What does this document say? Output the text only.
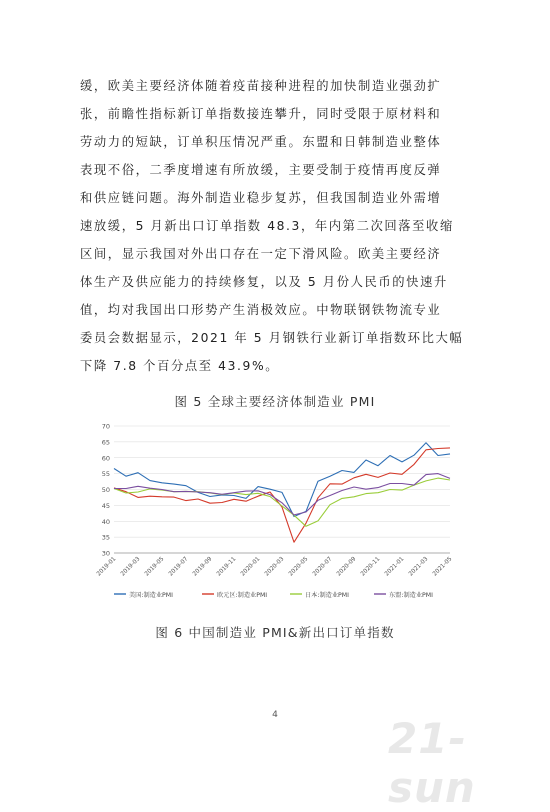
缓，欧美主要经济体随着疫苗接种进程的加快制造业强劲扩
张，前瞻性指标新订单指数接连攀升，同时受限于原材料和
劳动力的短缺，订单积压情况严重。东盟和日韩制造业整体
表现不俗，二季度增速有所放缓，主要受制于疫情再度反弹
和供应链问题。海外制造业稳步复苏，但我国制造业外需增
速放缓，5 月新出口订单指数 48.3，年内第二次回落至收缩
区间，显示我国对外出口存在一定下滑风险。欧美主要经济
体生产及供应能力的持续修复，以及 5 月份人民币的快速升
值，均对我国出口形势产生消极效应。中物联钢铁物流专业
委员会数据显示，2021 年 5 月钢铁行业新订单指数环比大幅
下降 7.8 个百分点至 43.9%。
图 5 全球主要经济体制造业 PMI
30
35
40
45
50
55
60
65
70
2019-01 2019-03 2019-05 2019-07 2019-09 2019-11 2020-01 2020-03 2020-05 2020-07 2020-09 2020-11 2021-01 2021-03 2021-05
美国:制造业PMI	欧元区:制造业PMI	日本:制造业PMI	东盟:制造业PMI
图 6 中国制造业 PMI&新出口订单指数
4	21-sun
